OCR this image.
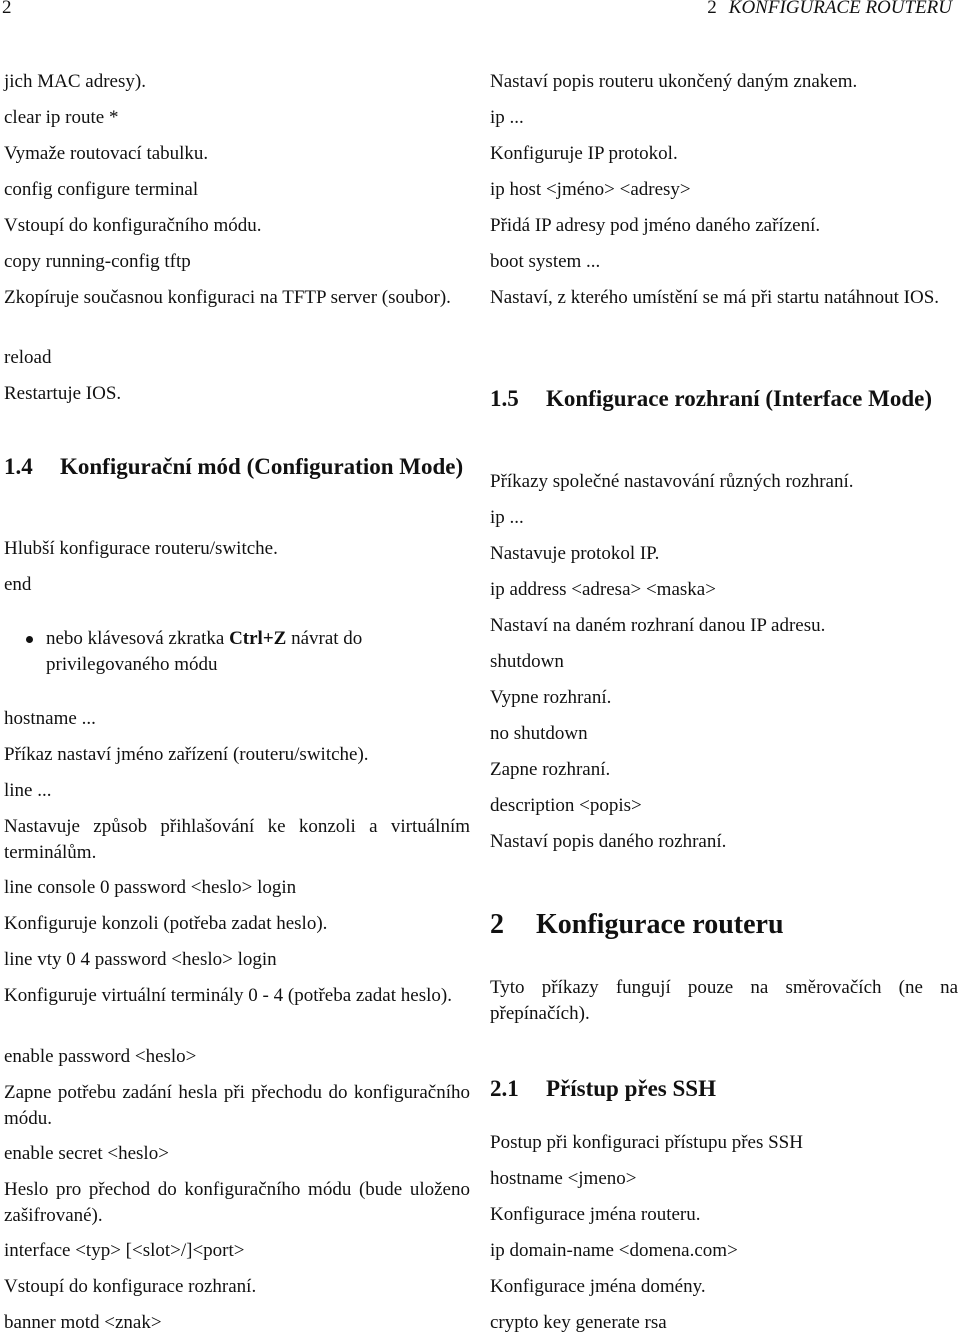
2	2 KONFIGURACE ROUTERU
jich MAC adresy).
clear ip route *
Vymaže routovací tabulku.
config configure terminal
Vstoupí do konfiguračního módu.
copy running-config tftp
Zkopíruje současnou konfiguraci na TFTP server (soubor).
reload
Restartuje IOS.
1.4 Konfigurační mód (Configuration Mode)
Hlubší konfigurace routeru/switche.
end
nebo klávesová zkratka Ctrl+Z návrat do privilegovaného módu
hostname ...
Příkaz nastaví jméno zařízení (routeru/switche).
line ...
Nastavuje způsob přihlašování ke konzoli a virtuálním terminálům.
line console 0 password <heslo> login
Konfiguruje konzoli (potřeba zadat heslo).
line vty 0 4 password <heslo> login
Konfiguruje virtuální terminály 0 - 4 (potřeba zadat heslo).
enable password <heslo>
Zapne potřebu zadání hesla při přechodu do konfiguračního módu.
enable secret <heslo>
Heslo pro přechod do konfiguračního módu (bude uloženo zašifrované).
interface <typ> [<slot>/]<port>
Vstoupí do konfigurace rozhraní.
banner motd <znak>
Nastaví popis routeru ukončený daným znakem.
ip ...
Konfiguruje IP protokol.
ip host <jméno> <adresy>
Přidá IP adresy pod jméno daného zařízení.
boot system ...
Nastaví, z kterého umístění se má při startu natáhnout IOS.
1.5 Konfigurace rozhraní (Interface Mode)
Příkazy společné nastavování různých rozhraní.
ip ...
Nastavuje protokol IP.
ip address <adresa> <maska>
Nastaví na daném rozhraní danou IP adresu.
shutdown
Vypne rozhraní.
no shutdown
Zapne rozhraní.
description <popis>
Nastaví popis daného rozhraní.
2 Konfigurace routeru
Tyto příkazy fungují pouze na směrovačích (ne na přepínačích).
2.1 Přístup přes SSH
Postup při konfiguraci přístupu přes SSH
hostname <jmeno>
Konfigurace jména routeru.
ip domain-name <domena.com>
Konfigurace jména domény.
crypto key generate rsa
